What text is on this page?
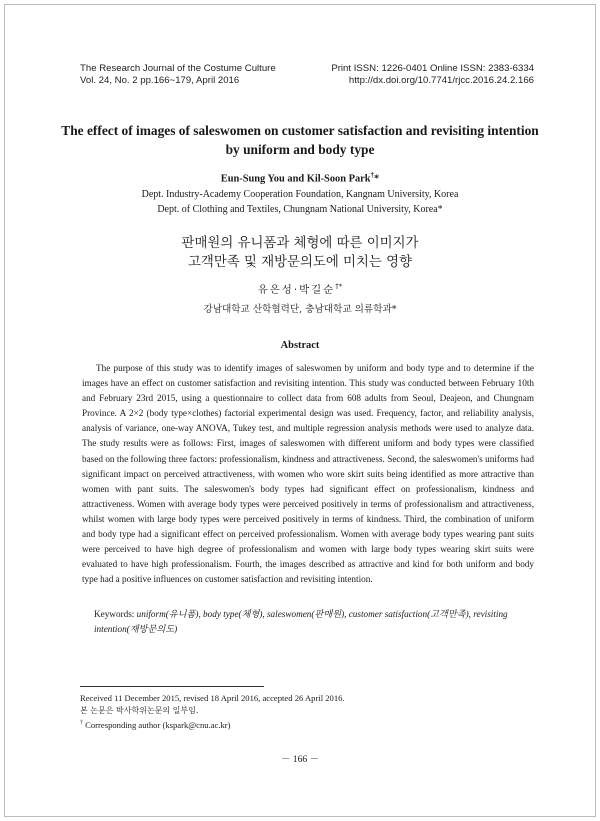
The Research Journal of the Costume Culture	Print ISSN: 1226-0401 Online ISSN: 2383-6334
Vol. 24, No. 2 pp.166~179, April 2016	http://dx.doi.org/10.7741/rjcc.2016.24.2.166
The effect of images of saleswomen on customer satisfaction and revisiting intention by uniform and body type
Eun-Sung You and Kil-Soon Park†*
Dept. Industry-Academy Cooperation Foundation, Kangnam University, Korea
Dept. of Clothing and Textiles, Chungnam National University, Korea*
판매원의 유니폼과 체형에 따른 이미지가
고객만족 및 재방문의도에 미치는 영향
유은성·박길순†*
강남대학교 산학협력단, 충남대학교 의류학과*
Abstract

The purpose of this study was to identify images of saleswomen by uniform and body type and to determine if the images have an effect on customer satisfaction and revisiting intention. This study was conducted between February 10th and February 23rd 2015, using a questionnaire to collect data from 608 adults from Seoul, Deajeon, and Chungnam Province. A 2×2 (body type×clothes) factorial experimental design was used. Frequency, factor, and reliability analysis, analysis of variance, one-way ANOVA, Tukey test, and multiple regression analysis methods were used to analyze data. The study results were as follows: First, images of saleswomen with different uniform and body types were classified based on the following three factors: professionalism, kindness and attractiveness. Second, the saleswomen's uniforms had significant impact on perceived attractiveness, with women who wore skirt suits being identified as more attractive than women with pant suits. The saleswomen's body types had significant effect on professionalism, kindness and attractiveness. Women with average body types were perceived positively in terms of professionalism and attractiveness, whilst women with large body types were perceived positively in terms of kindness. Third, the combination of uniform and body type had a significant effect on perceived professionalism. Women with average body types wearing pant suits were perceived to have high degree of professionalism and women with large body types wearing skirt suits were evaluated to have high professionalism. Fourth, the images described as attractive and kind for both uniform and body type had a positive influences on customer satisfaction and revisiting intention.

Keywords: uniform(유니폼), body type(체형), saleswomen(판매원), customer satisfaction(고객만족), revisiting intention(재방문의도)
Received 11 December 2015, revised 18 April 2016, accepted 26 April 2016.
본 논문은 박사학위논문의 일부임.
† Corresponding author (kspark@cnu.ac.kr)
－ 166 －
